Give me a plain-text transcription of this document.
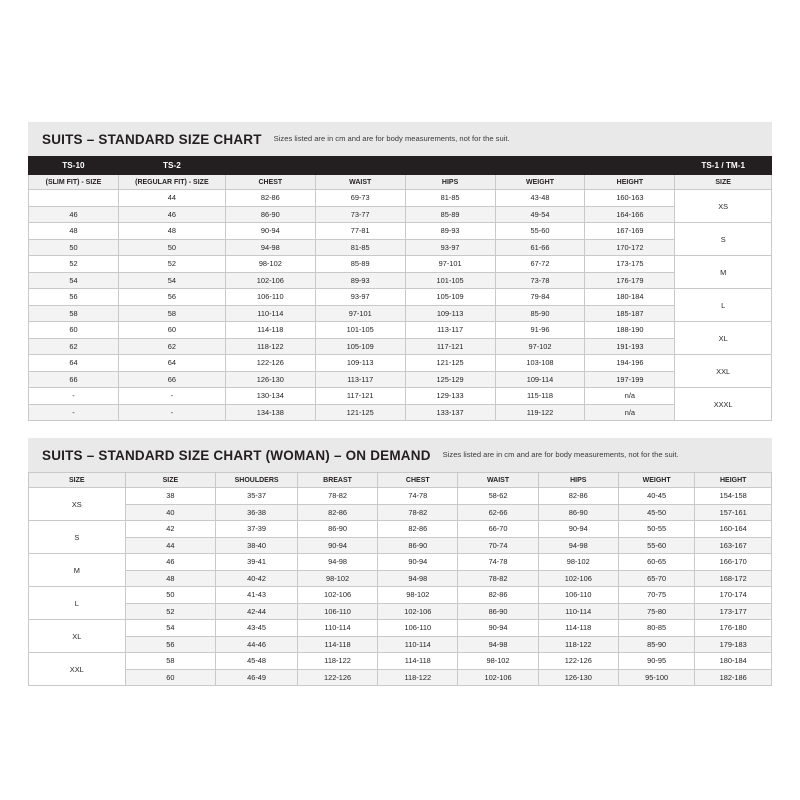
SUITS – STANDARD SIZE CHART Sizes listed are in cm and are for body measurements, not for the suit.
TS-10	TS-2						TS-1 / TM-1
(SLIM FIT) - SIZE	(REGULAR FIT) - SIZE	CHEST	WAIST	HIPS	WEIGHT	HEIGHT	SIZE
	44	82-86	69-73	81-85	43-48	160-163	XS
46	46	86-90	73-77	85-89	49-54	164-166	
48	48	90-94	77-81	89-93	55-60	167-169	S
50	50	94-98	81-85	93-97	61-66	170-172	
52	52	98-102	85-89	97-101	67-72	173-175	M
54	54	102-106	89-93	101-105	73-78	176-179	
56	56	106-110	93-97	105-109	79-84	180-184	L
58	58	110-114	97-101	109-113	85-90	185-187	
60	60	114-118	101-105	113-117	91-96	188-190	XL
62	62	118-122	105-109	117-121	97-102	191-193	
64	64	122-126	109-113	121-125	103-108	194-196	XXL
66	66	126-130	113-117	125-129	109-114	197-199	
-	-	130-134	117-121	129-133	115-118	n/a	XXXL
-	-	134-138	121-125	133-137	119-122	n/a	
SUITS – STANDARD SIZE CHART (WOMAN) – ON DEMAND Sizes listed are in cm and are for body measurements, not for the suit.
SIZE	SIZE	SHOULDERS	BREAST	CHEST	WAIST	HIPS	WEIGHT	HEIGHT
XS	38	35-37	78-82	74-78	58-62	82-86	40-45	154-158
	40	36-38	82-86	78-82	62-66	86-90	45-50	157-161
S	42	37-39	86-90	82-86	66-70	90-94	50-55	160-164
	44	38-40	90-94	86-90	70-74	94-98	55-60	163-167
M	46	39-41	94-98	90-94	74-78	98-102	60-65	166-170
	48	40-42	98-102	94-98	78-82	102-106	65-70	168-172
L	50	41-43	102-106	98-102	82-86	106-110	70-75	170-174
	52	42-44	106-110	102-106	86-90	110-114	75-80	173-177
XL	54	43-45	110-114	106-110	90-94	114-118	80-85	176-180
	56	44-46	114-118	110-114	94-98	118-122	85-90	179-183
XXL	58	45-48	118-122	114-118	98-102	122-126	90-95	180-184
	60	46-49	122-126	118-122	102-106	126-130	95-100	182-186
